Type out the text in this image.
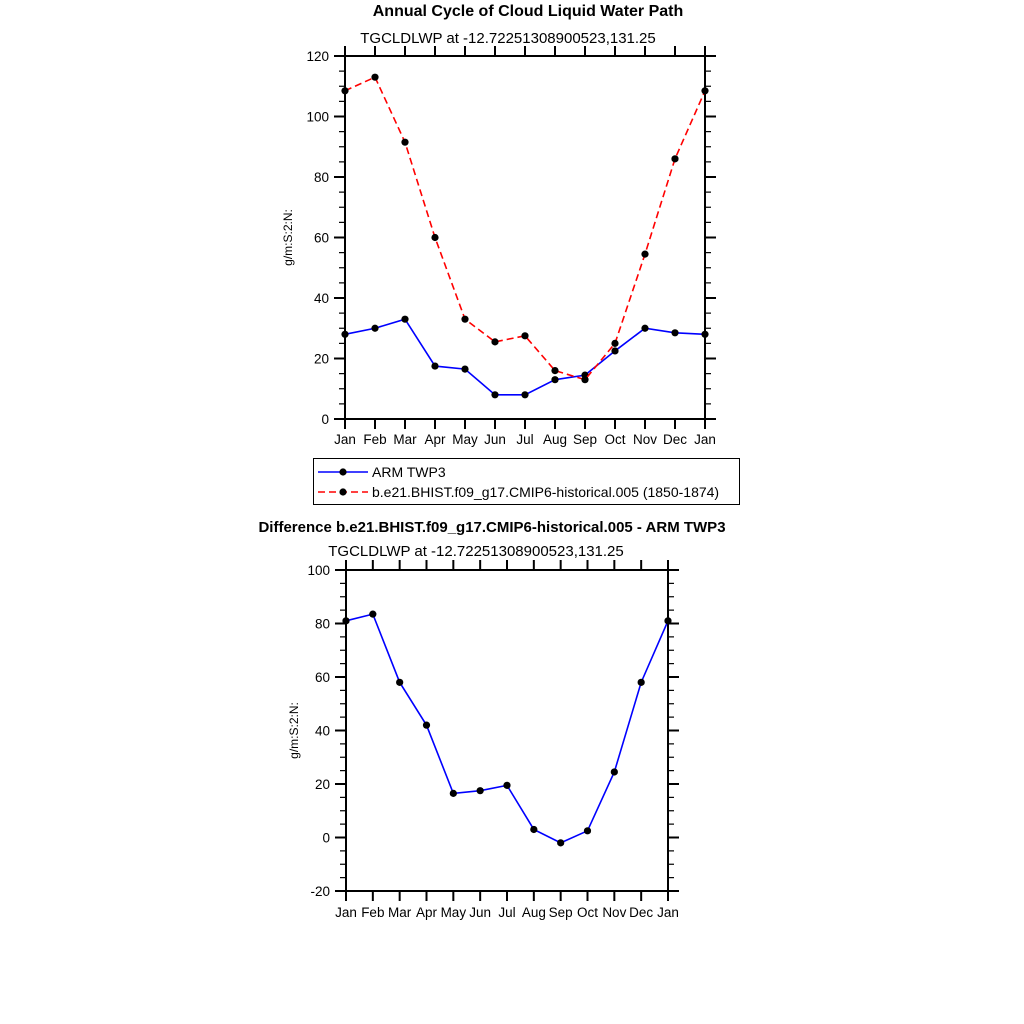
Annual Cycle of Cloud Liquid Water Path
TGCLDLWP at -12.72251308900523,131.25
0
20
40
60
80
100
120
Jan Feb Mar Apr May Jun Jul Aug Sep Oct Nov Dec Jan
g/m:S:2:N:
-20
0
20
40
60
80
100
Jan Feb Mar Apr May Jun Jul Aug Sep Oct Nov Dec Jan
g/m:S:2:N:
ARM TWP3
b.e21.BHIST.f09_g17.CMIP6-historical.005 (1850-1874)
Difference b.e21.BHIST.f09_g17.CMIP6-historical.005 - ARM TWP3
TGCLDLWP at -12.72251308900523,131.25
